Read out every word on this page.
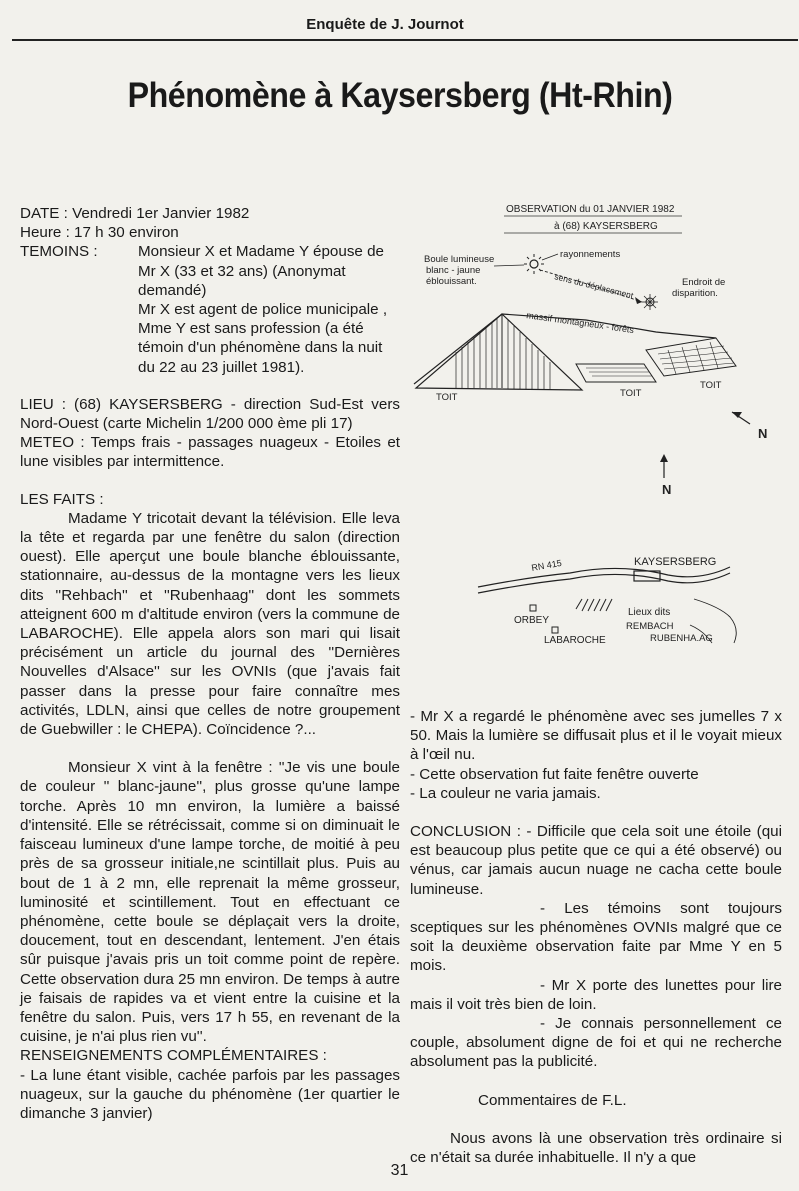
Enquête de J. Journot
Phénomène à Kaysersberg (Ht-Rhin)

DATE : Vendredi 1er Janvier 1982

Heure : 17 h 30 environ

TEMOINS :	Monsieur X et Madame Y épouse de

Mr X (33 et 32 ans) (Anonymat

demandé)

Mr X est agent de police municipale ,

Mme Y est sans profession (a été

témoin d'un phénomène dans la nuit

du 22 au 23 juillet 1981).

LIEU : (68) KAYSERSBERG - direction Sud-Est vers Nord-Ouest (carte Michelin 1/200 000 ème pli 17)

METEO : Temps frais - passages nuageux - Etoiles et lune visibles par intermittence.

LES FAITS :

Madame Y tricotait devant la télévision. Elle leva la tête et regarda par une fenêtre du salon (direction ouest). Elle aperçut une boule blanche éblouissante, stationnaire, au-dessus de la montagne vers les lieux dits ''Rehbach'' et ''Rubenhaag'' dont les sommets atteignent 600 m d'altitude environ (vers la commune de LABAROCHE). Elle appela alors son mari qui lisait précisément un article du journal des ''Dernières Nouvelles d'Alsace'' sur les OVNIs (que j'avais fait passer dans la presse pour faire connaître mes activités, LDLN, ainsi que celles de notre groupement de Guebwiller : le CHEPA). Coïncidence ?...

Monsieur X vint à la fenêtre : ''Je vis une boule de couleur '' blanc-jaune'', plus grosse qu'une lampe torche. Après 10 mn environ, la lumière a baissé d'intensité. Elle se rétrécissait, comme si on diminuait le faisceau lumineux d'une lampe torche, de moitié à peu près de sa grosseur initiale,ne scintillait plus. Puis au bout de 1 à 2 mn, elle reprenait la même grosseur, luminosité et scintillement. Tout en effectuant ce phénomène, cette boule se déplaçait vers la droite, doucement, tout en descendant, lentement. J'en étais sûr puisque j'avais pris un toit comme point de repère. Cette observation dura 25 mn environ. De temps à autre je faisais de rapides va et vient entre la cuisine et la fenêtre du salon. Puis, vers 17 h 55, en revenant de la cuisine, je n'ai plus rien vu''.

RENSEIGNEMENTS COMPLÉMENTAIRES :

- La lune étant visible, cachée parfois par les passages nuageux, sur la gauche du phénomène (1er quartier le dimanche 3 janvier)

OBSERVATION du 01 JANVIER 1982
à (68) KAYSERSBERG
Boule lumineuse
blanc - jaune
éblouissant.
rayonnements
sens du déplacement	Endroit de
disparition.
massif montagneux - forêts
TOIT	TOIT
TOIT
N
N
RN 415	KAYSERSBERG
ORBEY
LABAROCHE
Lieux dits
REMBACH
RUBENHA.AG

- Mr X a regardé le phénomène avec ses jumelles 7 x 50. Mais la lumière se diffusait plus et il le voyait mieux à l'œil nu.

- Cette observation fut faite fenêtre ouverte

- La couleur ne varia jamais.

CONCLUSION : - Difficile que cela soit une étoile (qui est beaucoup plus petite que ce qui a été observé) ou vénus, car jamais aucun nuage ne cacha cette boule lumineuse.

- Les témoins sont toujours sceptiques sur les phénomènes OVNIs malgré que ce soit la deuxième observation faite par Mme Y en 5 mois.

- Mr X porte des lunettes pour lire mais il voit très bien de loin.

- Je connais personnellement ce couple, absolument digne de foi et qui ne recherche absolument pas la publicité.

Commentaires de F.L.

Nous avons là une observation très ordinaire si ce n'était sa durée inhabituelle. Il n'y a que

31
